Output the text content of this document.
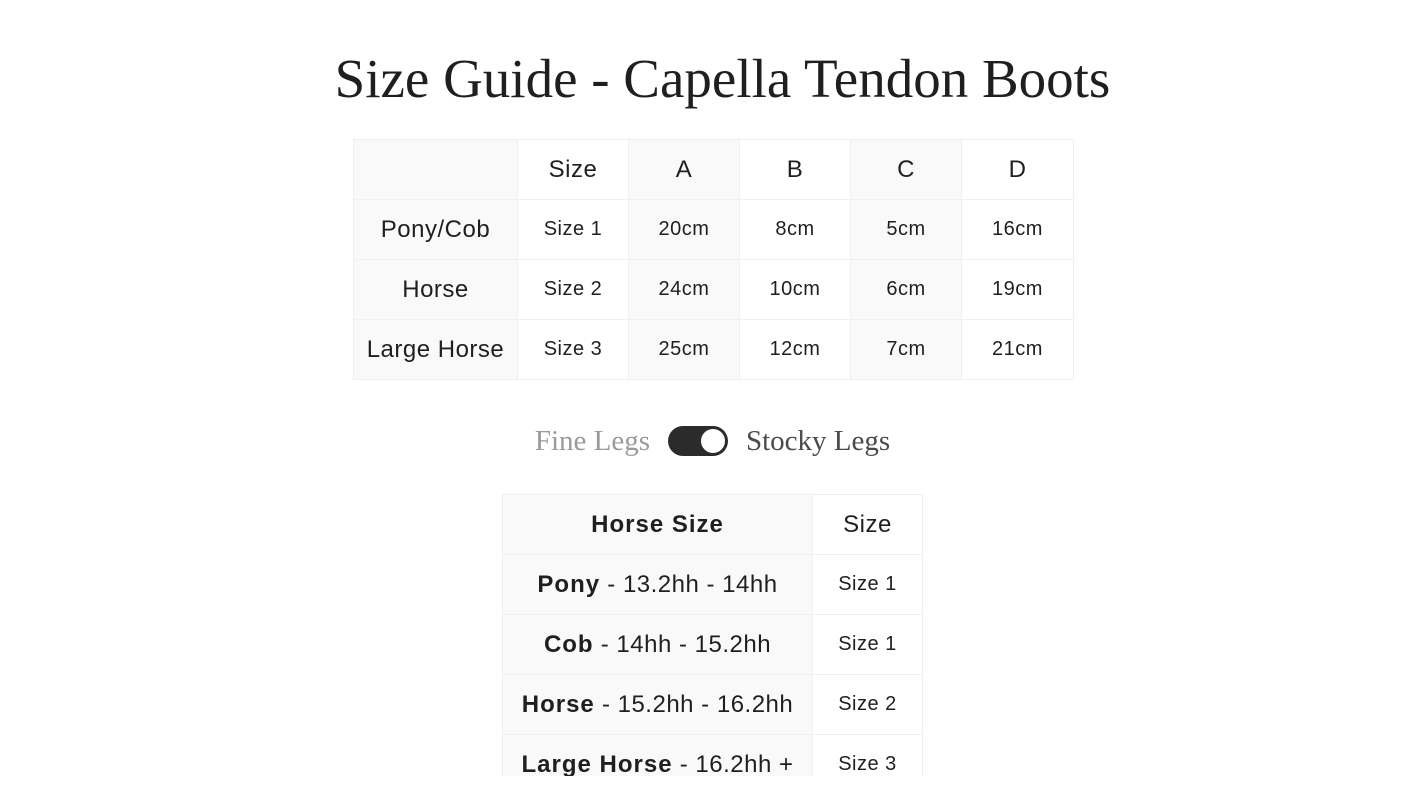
Size Guide - Capella Tendon Boots
	Size	A	B	C	D
Pony/Cob	Size 1	20cm	8cm	5cm	16cm
Horse	Size 2	24cm	10cm	6cm	19cm
Large Horse	Size 3	25cm	12cm	7cm	21cm
Fine Legs	Stocky Legs
Horse Size	Size
Pony - 13.2hh - 14hh	Size 1
Cob - 14hh - 15.2hh	Size 1
Horse - 15.2hh - 16.2hh	Size 2
Large Horse - 16.2hh +	Size 3
